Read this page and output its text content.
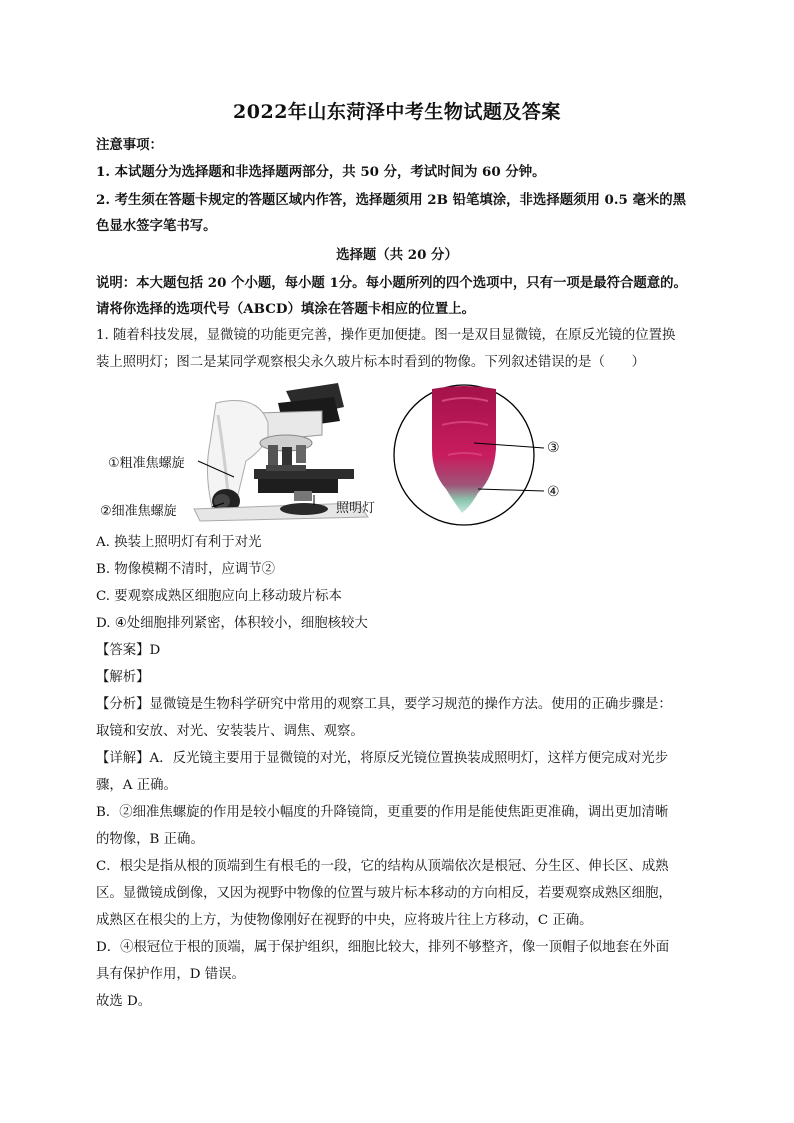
2022年山东菏泽中考生物试题及答案
注意事项：
1. 本试题分为选择题和非选择题两部分，共 50 分，考试时间为 60 分钟。
2. 考生须在答题卡规定的答题区域内作答，选择题须用 2B 铅笔填涂，非选择题须用 0.5 毫米的黑
色显水签字笔书写。
选择题（共 20 分）
说明：本大题包括 20 个小题，每小题 1分。每小题所列的四个选项中，只有一项是最符合题意的。
请将你选择的选项代号（ABCD）填涂在答题卡相应的位置上。
1. 随着科技发展，显微镜的功能更完善，操作更加便捷。图一是双目显微镜，在原反光镜的位置换
装上照明灯；图二是某同学观察根尖永久玻片标本时看到的物像。下列叙述错误的是（　　）
①粗准焦螺旋
②细准焦螺旋	照明灯
③
④
A. 换装上照明灯有利于对光
B. 物像模糊不清时，应调节②
C. 要观察成熟区细胞应向上移动玻片标本
D. ④处细胞排列紧密，体积较小，细胞核较大
【答案】D
【解析】
【分析】显微镜是生物科学研究中常用的观察工具，要学习规范的操作方法。使用的正确步骤是：
取镜和安放、对光、安装装片、调焦、观察。
【详解】A．反光镜主要用于显微镜的对光，将原反光镜位置换装成照明灯，这样方便完成对光步
骤，A 正确。
B．②细准焦螺旋的作用是较小幅度的升降镜筒，更重要的作用是能使焦距更准确，调出更加清晰
的物像，B 正确。
C．根尖是指从根的顶端到生有根毛的一段，它的结构从顶端依次是根冠、分生区、伸长区、成熟
区。显微镜成倒像，又因为视野中物像的位置与玻片标本移动的方向相反，若要观察成熟区细胞，
成熟区在根尖的上方，为使物像刚好在视野的中央，应将玻片往上方移动，C 正确。
D．④根冠位于根的顶端，属于保护组织，细胞比较大，排列不够整齐，像一顶帽子似地套在外面
具有保护作用，D 错误。
故选 D。
